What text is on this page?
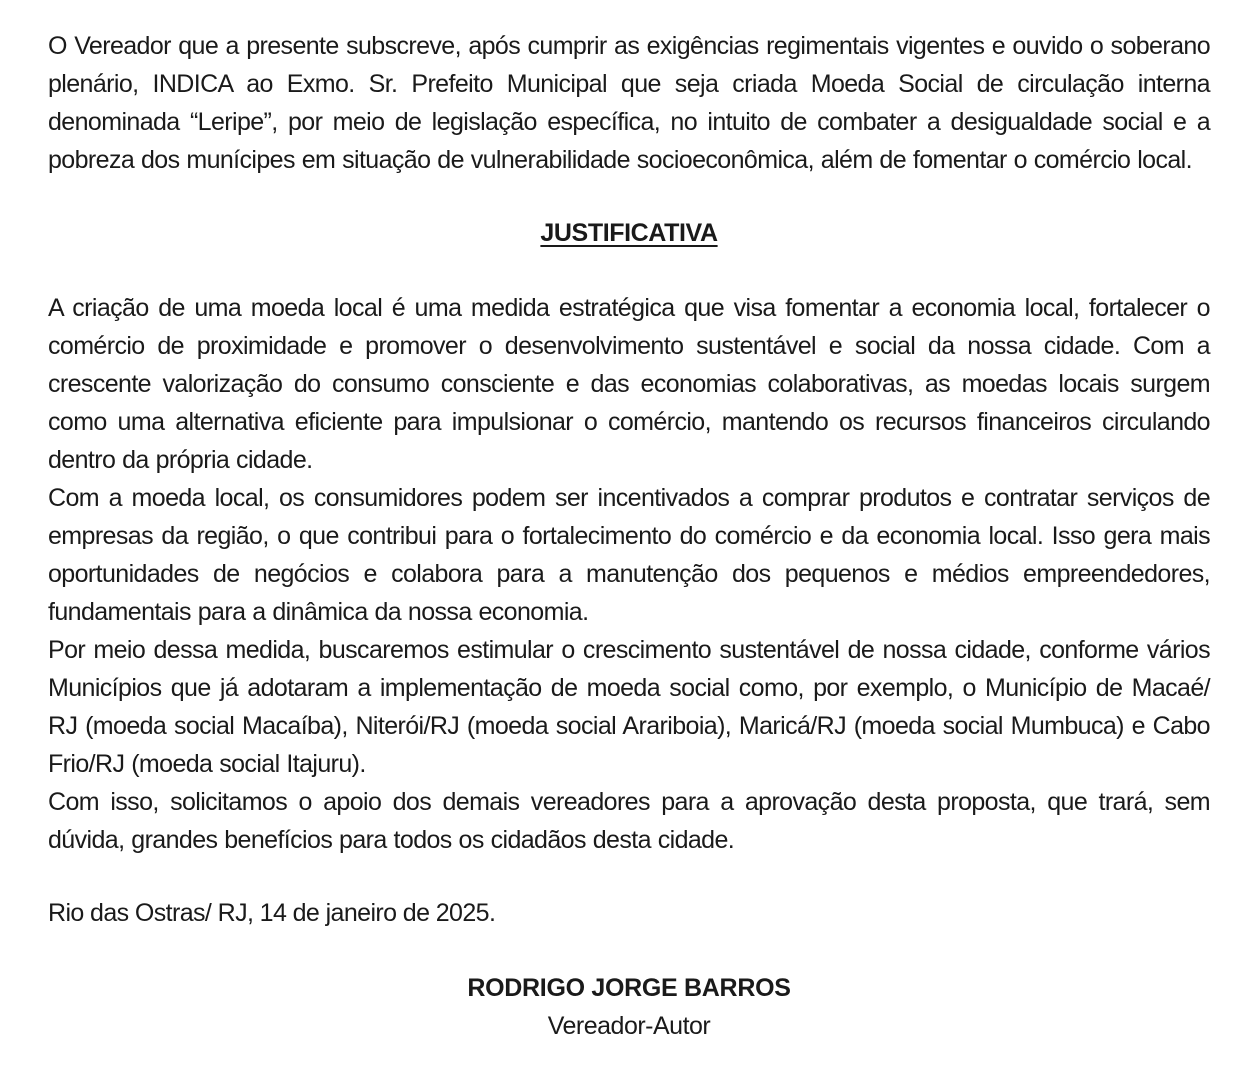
O Vereador que a presente subscreve, após cumprir as exigências regimentais vigentes e ouvido o soberano plenário, INDICA ao Exmo. Sr. Prefeito Municipal que seja criada Moeda Social de circulação interna denominada “Leripe”, por meio de legislação específica, no intuito de combater a desigualdade social e a pobreza dos munícipes em situação de vulnerabilidade socioeconômica, além de fomentar o comércio local.

JUSTIFICATIVA

A criação de uma moeda local é uma medida estratégica que visa fomentar a economia local, fortalecer o comércio de proximidade e promover o desenvolvimento sustentável e social da nossa cidade. Com a crescente valorização do consumo consciente e das economias colaborativas, as moedas locais surgem como uma alternativa eficiente para impulsionar o comércio, mantendo os recursos financeiros circulando dentro da própria cidade.

Com a moeda local, os consumidores podem ser incentivados a comprar produtos e contratar serviços de empresas da região, o que contribui para o fortalecimento do comércio e da economia local. Isso gera mais oportunidades de negócios e colabora para a manutenção dos pequenos e médios empreendedores, fundamentais para a dinâmica da nossa economia.

Por meio dessa medida, buscaremos estimular o crescimento sustentável de nossa cidade, conforme vários Municípios que já adotaram a implementação de moeda social como, por exemplo, o Município de Macaé/ RJ (moeda social Macaíba), Niterói/RJ (moeda social Arariboia), Maricá/RJ (moeda social Mumbuca) e Cabo Frio/RJ (moeda social Itajuru).

Com isso, solicitamos o apoio dos demais vereadores para a aprovação desta proposta, que trará, sem dúvida, grandes benefícios para todos os cidadãos desta cidade.

Rio das Ostras/ RJ, 14 de janeiro de 2025.

RODRIGO JORGE BARROS
Vereador-Autor
